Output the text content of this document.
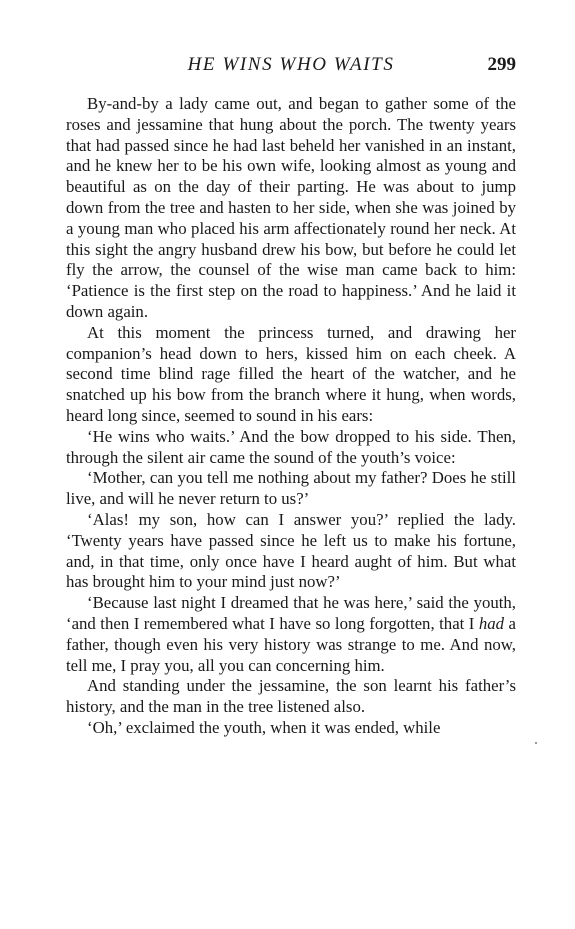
HE WINS WHO WAITS	299

By-and-by a lady came out, and began to gather some of the roses and jessamine that hung about the porch. The twenty years that had passed since he had last beheld her vanished in an instant, and he knew her to be his own wife, looking almost as young and beautiful as on the day of their parting. He was about to jump down from the tree and hasten to her side, when she was joined by a young man who placed his arm affectionately round her neck. At this sight the angry husband drew his bow, but before he could let fly the arrow, the counsel of the wise man came back to him: ‘Patience is the first step on the road to happiness.’ And he laid it down again.

At this moment the princess turned, and drawing her companion’s head down to hers, kissed him on each cheek. A second time blind rage filled the heart of the watcher, and he snatched up his bow from the branch where it hung, when words, heard long since, seemed to sound in his ears:

‘He wins who waits.’ And the bow dropped to his side. Then, through the silent air came the sound of the youth’s voice:

‘Mother, can you tell me nothing about my father? Does he still live, and will he never return to us?’

‘Alas! my son, how can I answer you?’ replied the lady. ‘Twenty years have passed since he left us to make his fortune, and, in that time, only once have I heard aught of him. But what has brought him to your mind just now?’

‘Because last night I dreamed that he was here,’ said the youth, ‘and then I remembered what I have so long forgotten, that I had a father, though even his very history was strange to me. And now, tell me, I pray you, all you can concerning him.

And standing under the jessamine, the son learnt his father’s history, and the man in the tree listened also.

‘Oh,’ exclaimed the youth, when it was ended, while
